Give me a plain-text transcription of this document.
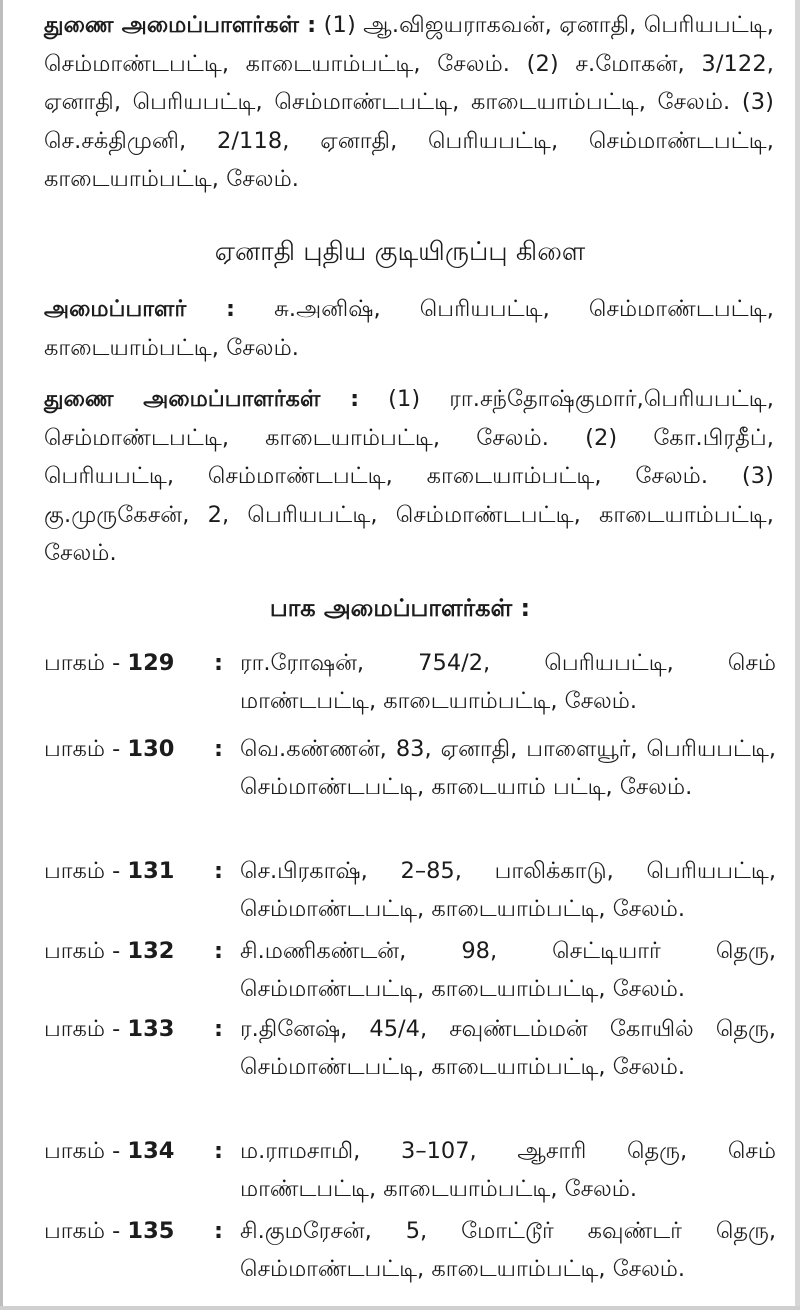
துணை அமைப்பாளர்கள் : (1) ஆ.விஜயராகவன், ஏனாதி, பெரியபட்டி, செம்மாண்டபட்டி, காடையாம்பட்டி, சேலம். (2) ச.மோகன், 3/122, ஏனாதி, பெரியபட்டி, செம்மாண்டபட்டி, காடையாம்பட்டி, சேலம். (3) செ.சக்திமுனி, 2/118, ஏனாதி, பெரியபட்டி, செம்மாண்டபட்டி, காடையாம்பட்டி, சேலம்.
ஏனாதி புதிய குடியிருப்பு கிளை
அமைப்பாளர் : சு.அனிஷ், பெரியபட்டி, செம்மாண்டபட்டி, காடையாம்பட்டி, சேலம்.
துணை அமைப்பாளர்கள் : (1) ரா.சந்தோஷ்குமார்,பெரியபட்டி, செம்மாண்டபட்டி, காடையாம்பட்டி, சேலம். (2) கோ.பிரதீப், பெரியபட்டி, செம்மாண்டபட்டி, காடையாம்பட்டி, சேலம். (3) கு.முருகேசன், 2, பெரியபட்டி, செம்மாண்டபட்டி, காடையாம்பட்டி, சேலம்.
பாக அமைப்பாளர்கள் :
பாகம் - 129	: ரா.ரோஷன், 754/2, பெரியபட்டி, செம் மாண்டபட்டி, காடையாம்பட்டி, சேலம்.
பாகம் - 130	: வெ.கண்ணன், 83, ஏனாதி, பாளையூர், பெரியபட்டி, செம்மாண்டபட்டி, காடையாம் பட்டி, சேலம்.
பாகம் - 131	: செ.பிரகாஷ், 2–85, பாலிக்காடு, பெரியபட்டி, செம்மாண்டபட்டி, காடையாம்பட்டி, சேலம்.
பாகம் - 132	: சி.மணிகண்டன், 98, செட்டியார் தெரு, செம்மாண்டபட்டி, காடையாம்பட்டி, சேலம்.
பாகம் - 133	: ர.தினேஷ், 45/4, சவுண்டம்மன் கோயில் தெரு, செம்மாண்டபட்டி, காடையாம்பட்டி, சேலம்.
பாகம் - 134	: ம.ராமசாமி, 3–107, ஆசாரி தெரு, செம் மாண்டபட்டி, காடையாம்பட்டி, சேலம்.
பாகம் - 135	: சி.குமரேசன், 5, மோட்டூர் கவுண்டர் தெரு, செம்மாண்டபட்டி, காடையாம்பட்டி, சேலம்.
